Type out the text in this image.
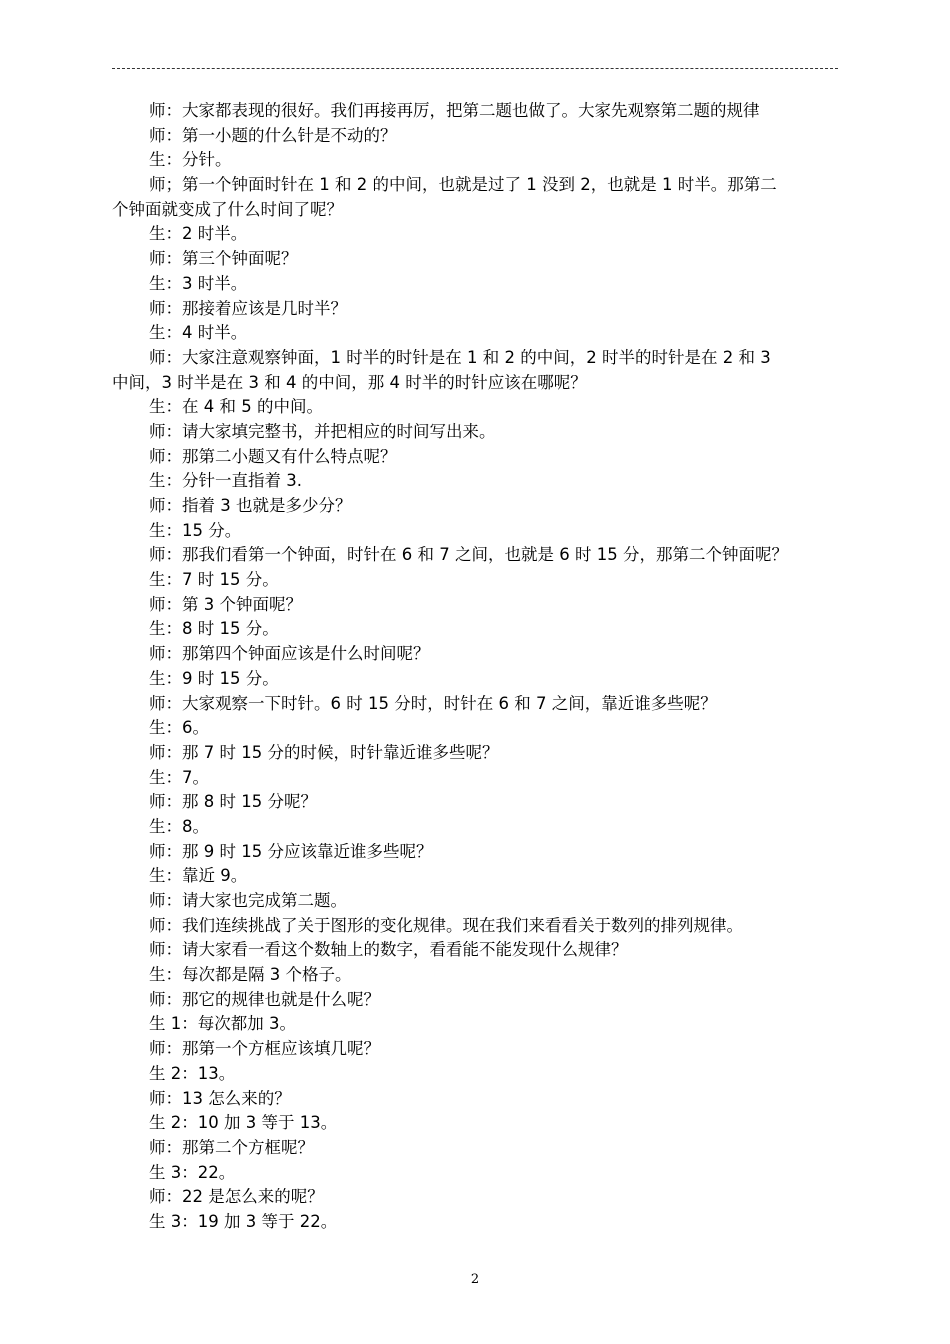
师：大家都表现的很好。我们再接再厉，把第二题也做了。大家先观察第二题的规律
师：第一小题的什么针是不动的？
生：分针。
师；第一个钟面时针在 1 和 2 的中间，也就是过了 1 没到 2，也就是 1 时半。那第二
个钟面就变成了什么时间了呢？
生：2 时半。
师：第三个钟面呢？
生：3 时半。
师：那接着应该是几时半？
生：4 时半。
师：大家注意观察钟面，1 时半的时针是在 1 和 2 的中间，2 时半的时针是在 2 和 3
中间，3 时半是在 3 和 4 的中间，那 4 时半的时针应该在哪呢？
生：在 4 和 5 的中间。
师：请大家填完整书，并把相应的时间写出来。
师：那第二小题又有什么特点呢？
生：分针一直指着 3.
师：指着 3 也就是多少分？
生：15 分。
师：那我们看第一个钟面，时针在 6 和 7 之间，也就是 6 时 15 分，那第二个钟面呢？
生：7 时 15 分。
师：第 3 个钟面呢？
生：8 时 15 分。
师：那第四个钟面应该是什么时间呢？
生：9 时 15 分。
师：大家观察一下时针。6 时 15 分时，时针在 6 和 7 之间，靠近谁多些呢？
生：6。
师：那 7 时 15 分的时候，时针靠近谁多些呢？
生：7。
师：那 8 时 15 分呢？
生：8。
师：那 9 时 15 分应该靠近谁多些呢？
生：靠近 9。
师：请大家也完成第二题。
师：我们连续挑战了关于图形的变化规律。现在我们来看看关于数列的排列规律。
师：请大家看一看这个数轴上的数字，看看能不能发现什么规律？
生：每次都是隔 3 个格子。
师：那它的规律也就是什么呢？
生 1：每次都加 3。
师：那第一个方框应该填几呢？
生 2：13。
师：13 怎么来的？
生 2：10 加 3 等于 13。
师：那第二个方框呢？
生 3：22。
师：22 是怎么来的呢？
生 3：19 加 3 等于 22。
2
